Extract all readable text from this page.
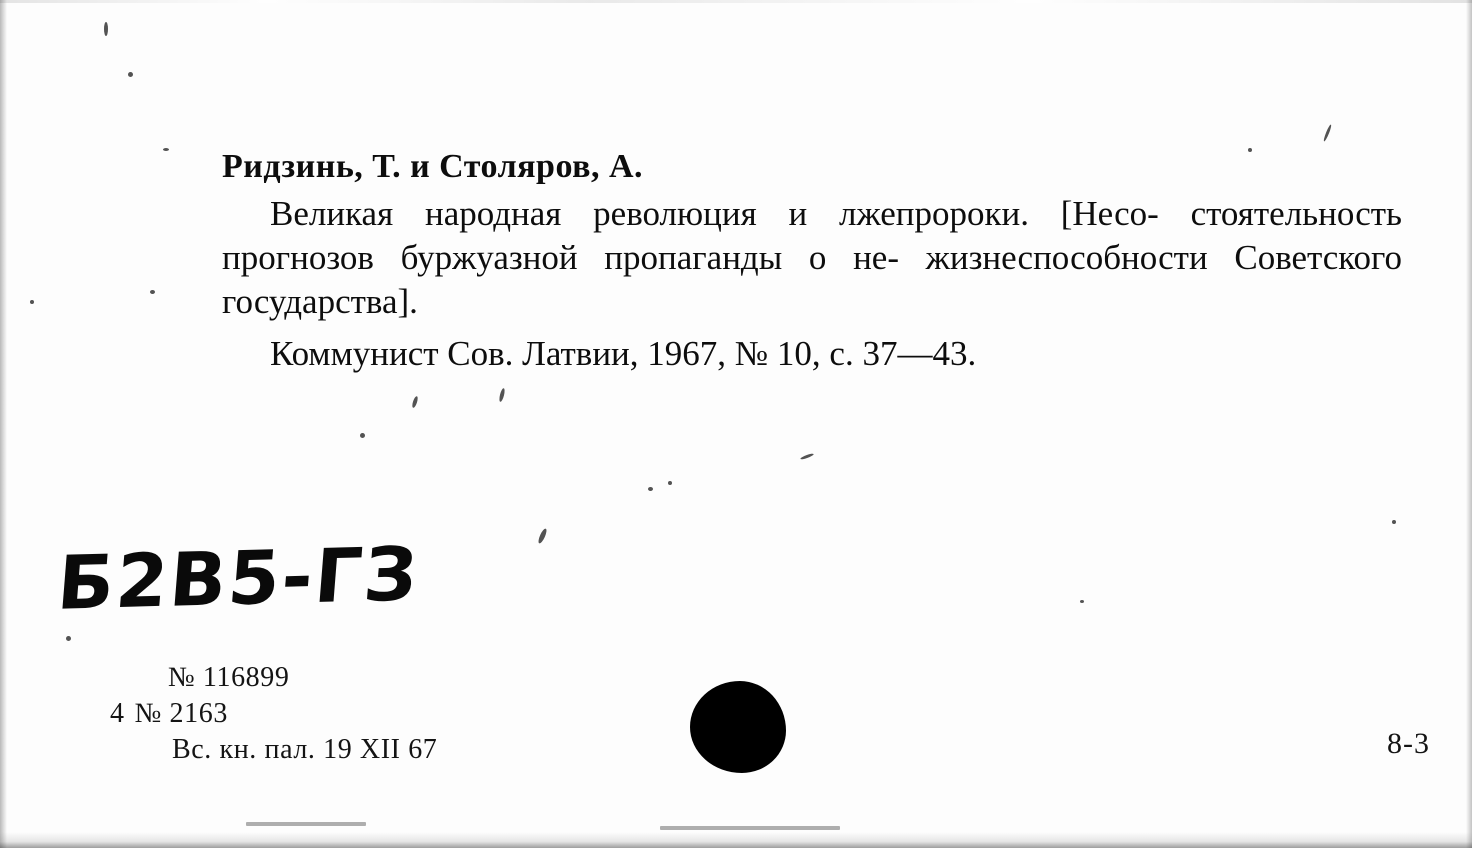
Ридзинь, Т. и Столяров, А.

Великая народная революция и лжепророки. [Несо- стоятельность прогнозов буржуазной пропаганды о не- жизнеспособности Советского государства].

Коммунист Сов. Латвии, 1967, № 10, с. 37—43.

Б2В5-ГЗ
№ 116899
4 № 2163
Вс. кн. пал. 19 XII 67	8-3
